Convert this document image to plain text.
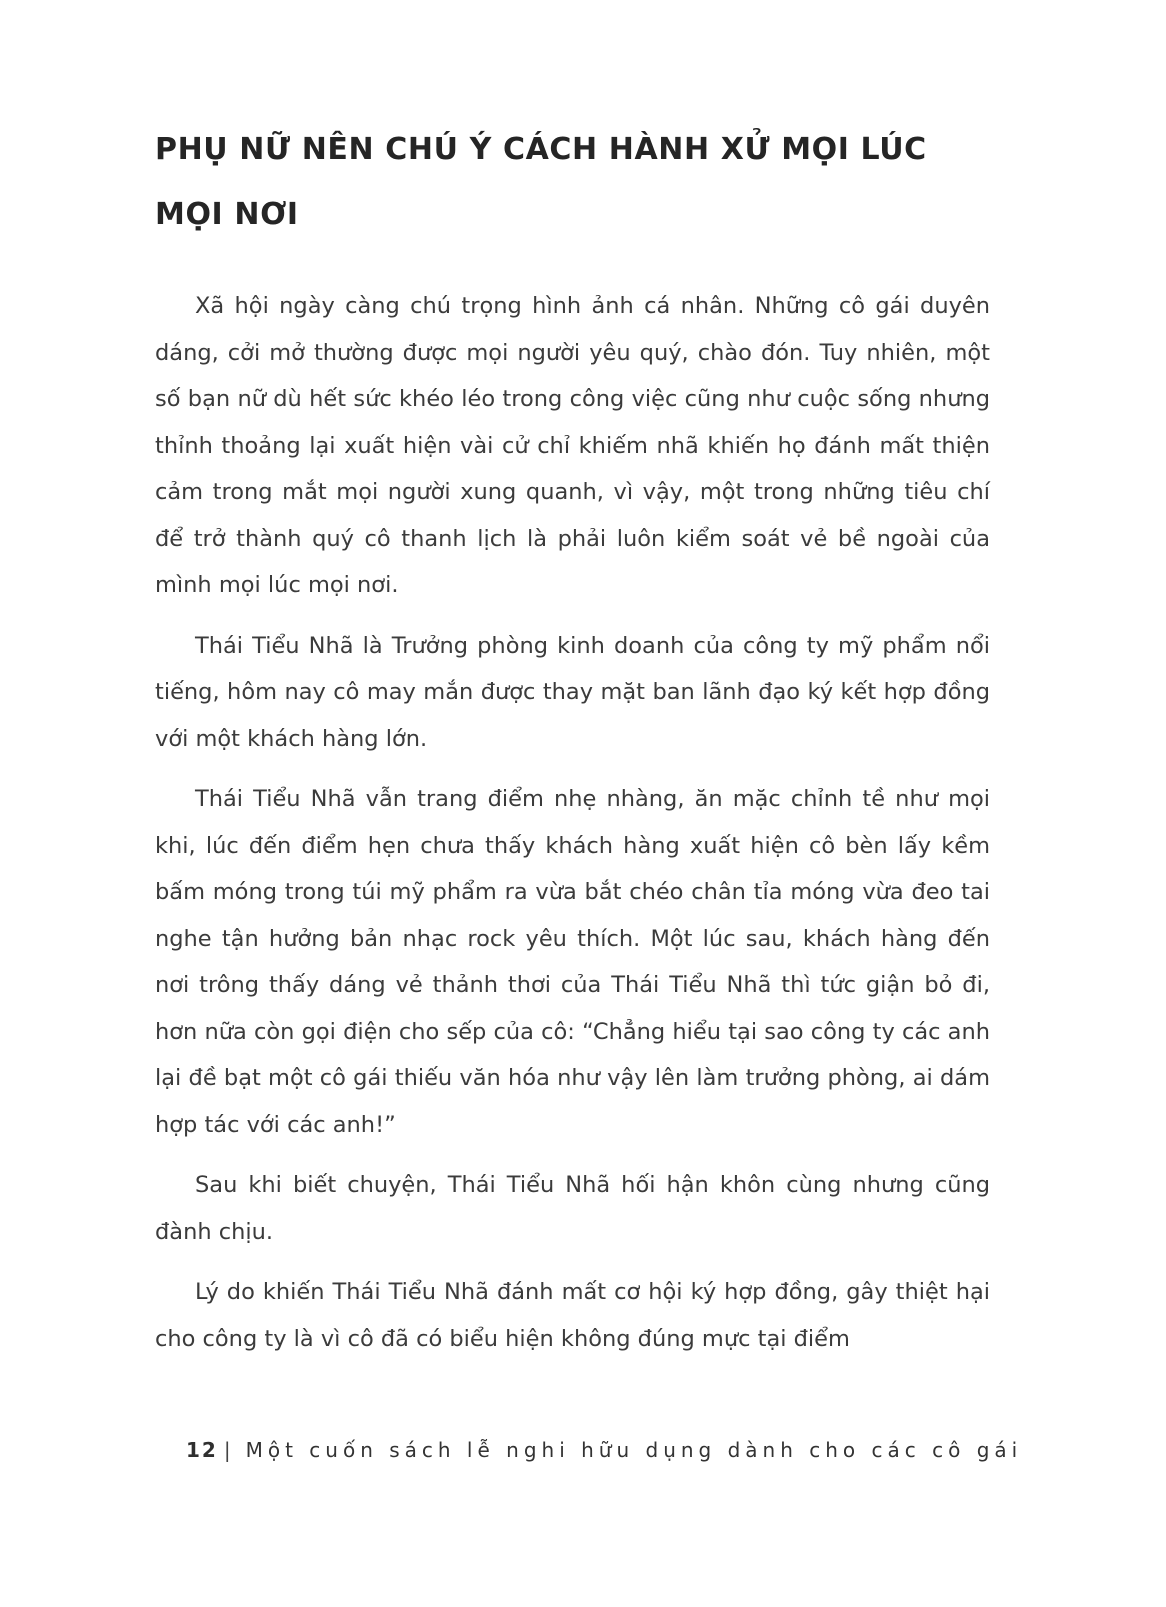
PHỤ NỮ NÊN CHÚ Ý CÁCH HÀNH XỬ MỌI LÚC MỌI NƠI

Xã hội ngày càng chú trọng hình ảnh cá nhân. Những cô gái duyên dáng, cởi mở thường được mọi người yêu quý, chào đón. Tuy nhiên, một số bạn nữ dù hết sức khéo léo trong công việc cũng như cuộc sống nhưng thỉnh thoảng lại xuất hiện vài cử chỉ khiếm nhã khiến họ đánh mất thiện cảm trong mắt mọi người xung quanh, vì vậy, một trong những tiêu chí để trở thành quý cô thanh lịch là phải luôn kiểm soát vẻ bề ngoài của mình mọi lúc mọi nơi.

Thái Tiểu Nhã là Trưởng phòng kinh doanh của công ty mỹ phẩm nổi tiếng, hôm nay cô may mắn được thay mặt ban lãnh đạo ký kết hợp đồng với một khách hàng lớn.

Thái Tiểu Nhã vẫn trang điểm nhẹ nhàng, ăn mặc chỉnh tề như mọi khi, lúc đến điểm hẹn chưa thấy khách hàng xuất hiện cô bèn lấy kềm bấm móng trong túi mỹ phẩm ra vừa bắt chéo chân tỉa móng vừa đeo tai nghe tận hưởng bản nhạc rock yêu thích. Một lúc sau, khách hàng đến nơi trông thấy dáng vẻ thảnh thơi của Thái Tiểu Nhã thì tức giận bỏ đi, hơn nữa còn gọi điện cho sếp của cô: “Chẳng hiểu tại sao công ty các anh lại đề bạt một cô gái thiếu văn hóa như vậy lên làm trưởng phòng, ai dám hợp tác với các anh!”

Sau khi biết chuyện, Thái Tiểu Nhã hối hận khôn cùng nhưng cũng đành chịu.

Lý do khiến Thái Tiểu Nhã đánh mất cơ hội ký hợp đồng, gây thiệt hại cho công ty là vì cô đã có biểu hiện không đúng mực tại điểm

12 | Một cuốn sách lễ nghi hữu dụng dành cho các cô gái
